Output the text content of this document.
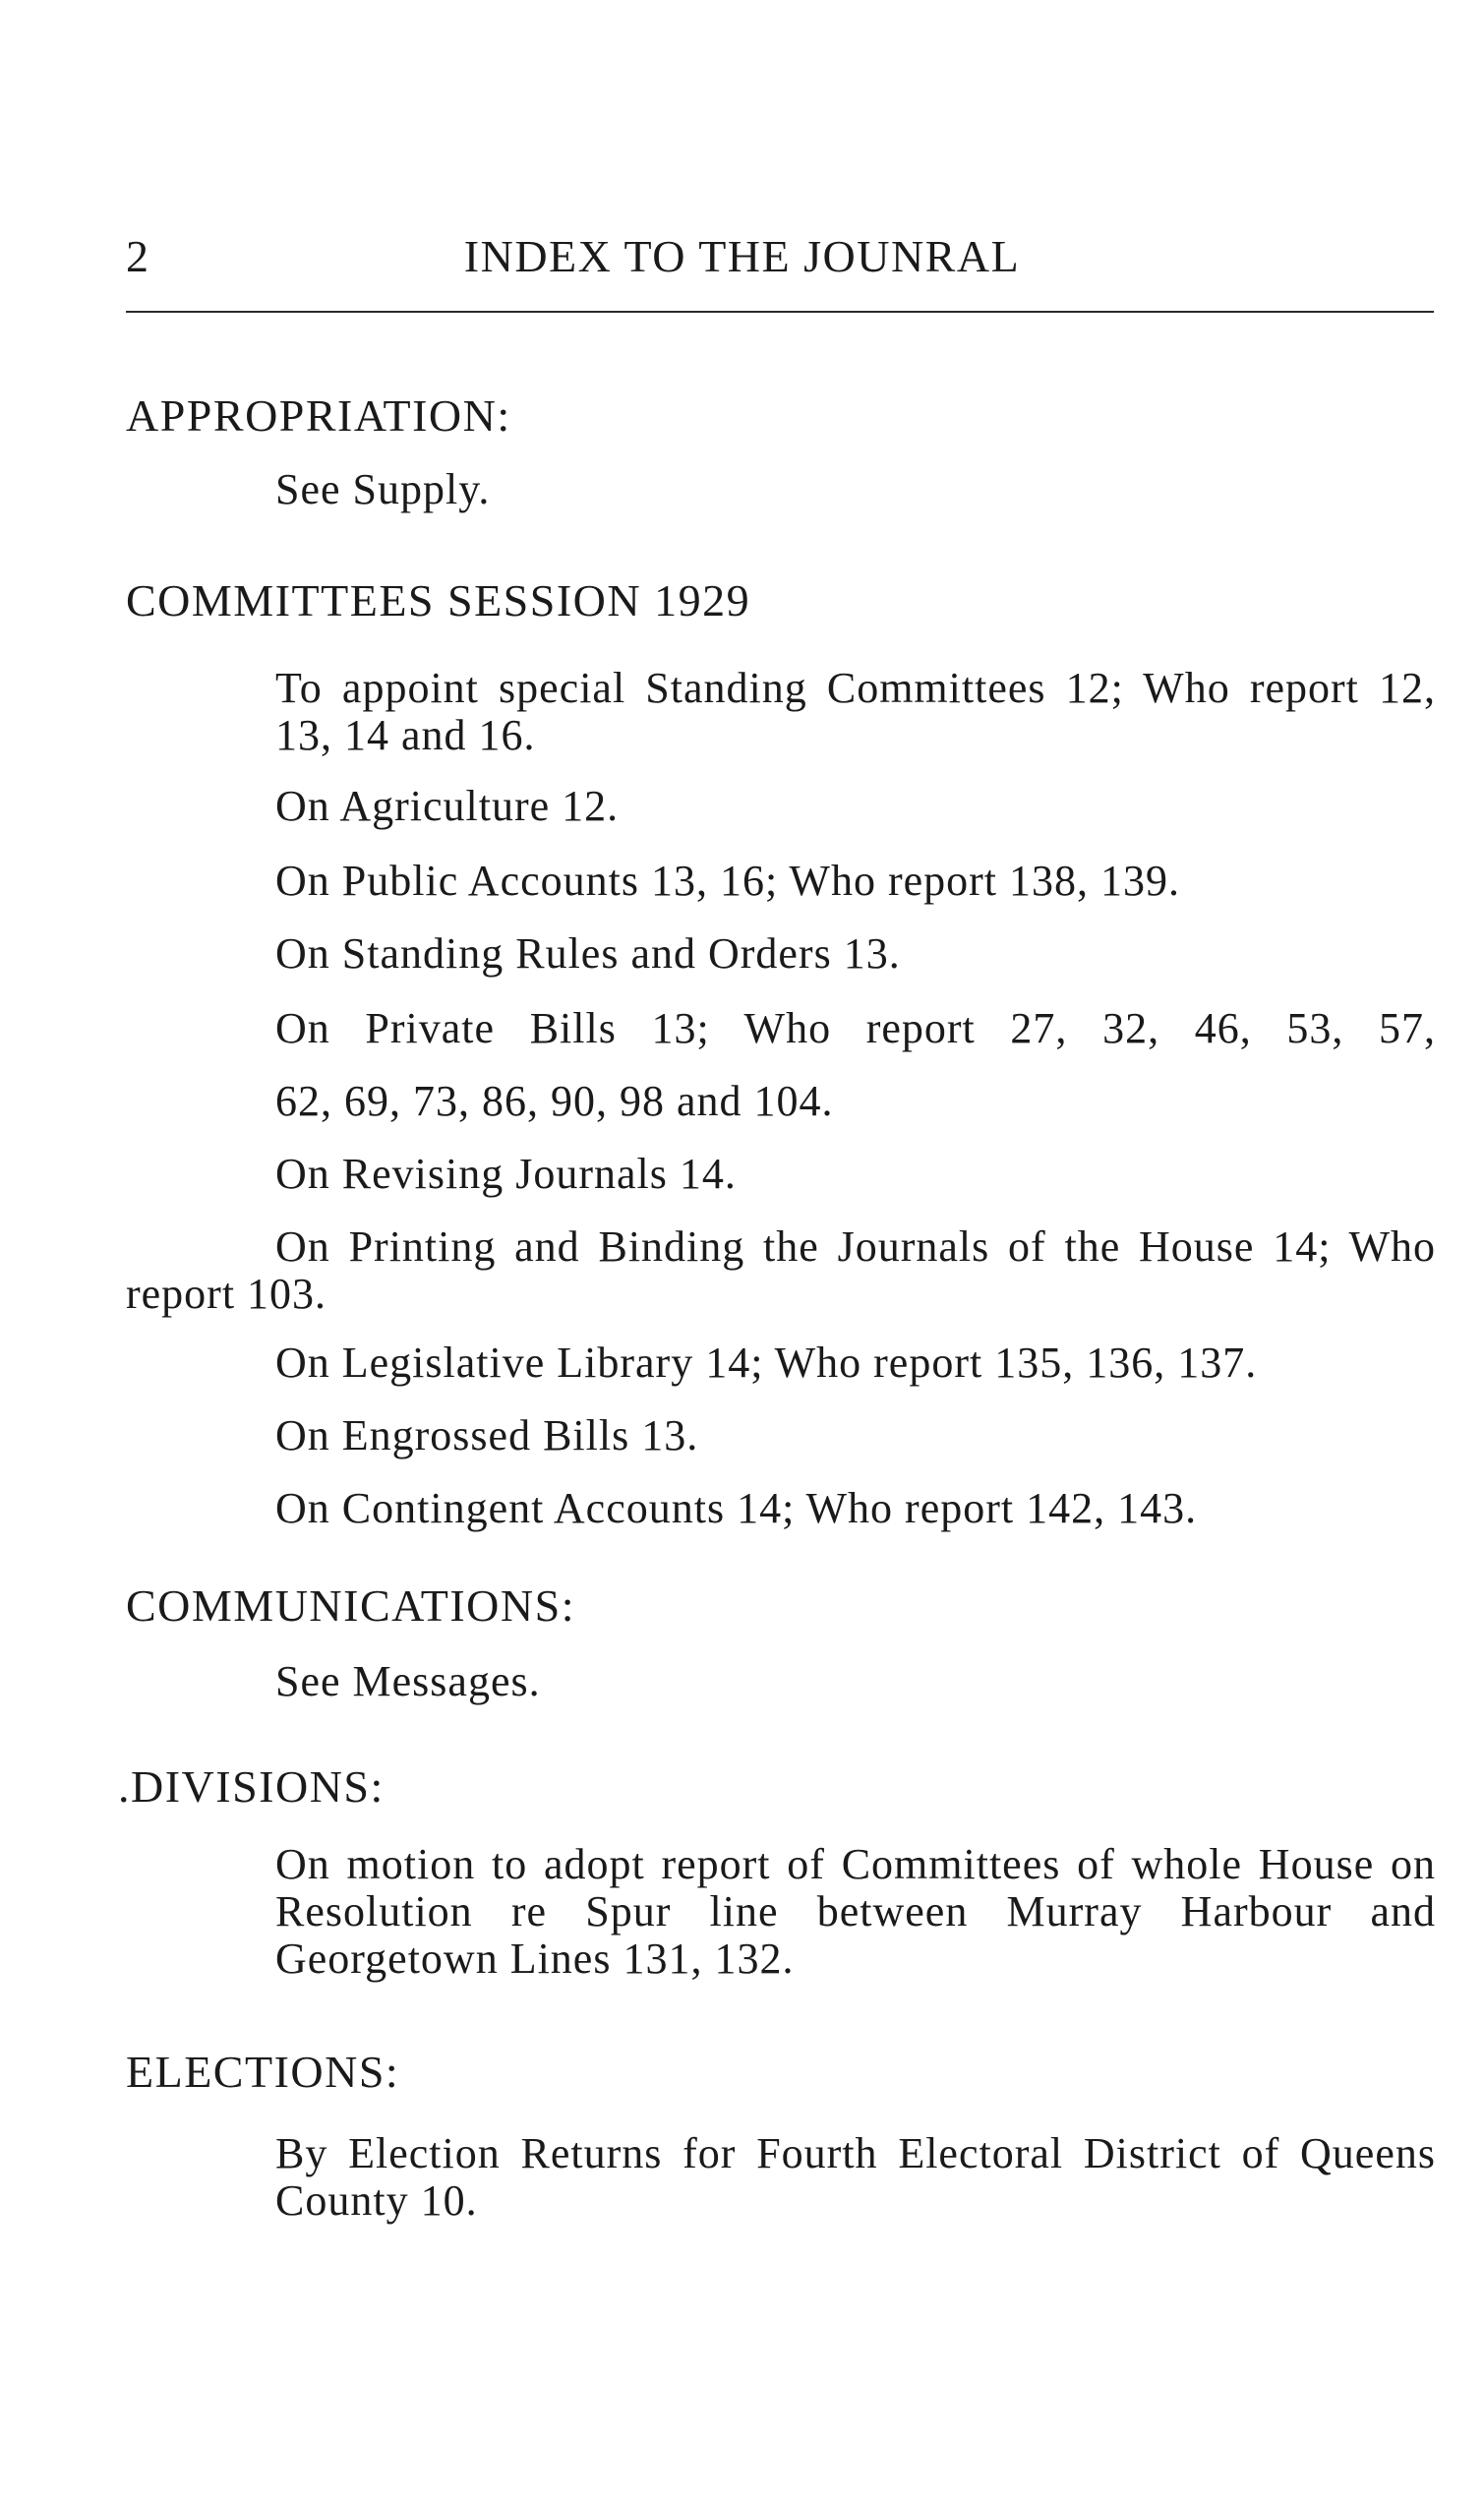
2	INDEX TO THE JOUNRAL
APPROPRIATION:
See Supply.
COMMITTEES SESSION 1929
To appoint special Standing Committees 12; Who report 12, 13, 14 and 16.
On Agriculture 12.
On Public Accounts 13, 16; Who report 138, 139.
On Standing Rules and Orders 13.
On Private Bills 13; Who report 27, 32, 46, 53, 57,
62, 69, 73, 86, 90, 98 and 104.
On Revising Journals 14.
On Printing and Binding the Journals of the House 14; Who report 103.
On Legislative Library 14; Who report 135, 136, 137.
On Engrossed Bills 13.
On Contingent Accounts 14; Who report 142, 143.
COMMUNICATIONS:
See Messages.
.DIVISIONS:
On motion to adopt report of Committees of whole House on Resolution re Spur line between Murray Harbour and Georgetown Lines 131, 132.
ELECTIONS:
By Election Returns for Fourth Electoral District of Queens County 10.
